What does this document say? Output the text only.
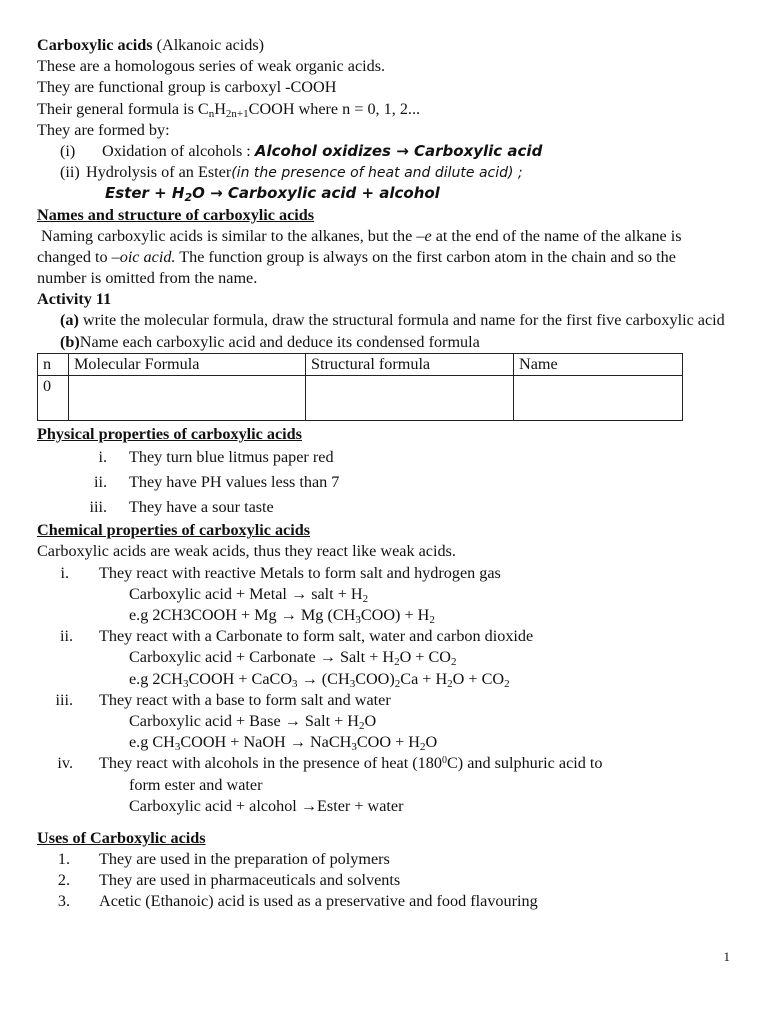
Carboxylic acids (Alkanoic acids)
These are a homologous series of weak organic acids.
They are functional group is carboxyl -COOH
Their general formula is $C_nH_{2n+1}COOH$ where n = 0, 1, 2...
They are formed by:
(i) Oxidation of alcohols : Alcohol oxidizes → Carboxylic acid
(ii) Hydrolysis of an Ester(in the presence of heat and dilute acid) ;
Ester + $H_2O$ → Carboxylic acid + alcohol
Names and structure of carboxylic acids
Naming carboxylic acids is similar to the alkanes, but the –e at the end of the name of the alkane is changed to –oic acid. The function group is always on the first carbon atom in the chain and so the number is omitted from the name.
Activity 11
(a) write the molecular formula, draw the structural formula and name for the first five carboxylic acid
(b)Name each carboxylic acid and deduce its condensed formula
n	Molecular Formula	Structural formula	Name
0			
Physical properties of carboxylic acids
i. They turn blue litmus paper red
ii. They have PH values less than 7
iii. They have a sour taste
Chemical properties of carboxylic acids
Carboxylic acids are weak acids, thus they react like weak acids.
i. They react with reactive Metals to form salt and hydrogen gas
Carboxylic acid + Metal → salt + $H_2$
e.g 2CH3COOH + Mg → Mg $(CH_3COO) + H_2$
ii. They react with a Carbonate to form salt, water and carbon dioxide
Carboxylic acid + Carbonate → Salt + $H_2O + CO_2$
e.g $2CH_3COOH$ + CaCO$_3$ → $(CH_3COO)_2Ca + H_2O + CO_2$
iii. They react with a base to form salt and water
Carboxylic acid + Base → Salt + $H_2O$
e.g $CH_3COOH$ + NaOH → NaCH$_3$COO + $H_2O$
iv. They react with alcohols in the presence of heat $(180^0C)$ and sulphuric acid to
form ester and water
Carboxylic acid + alcohol →Ester + water
Uses of Carboxylic acids
1. They are used in the preparation of polymers
2. They are used in pharmaceuticals and solvents
3. Acetic (Ethanoic) acid is used as a preservative and food flavouring
1
